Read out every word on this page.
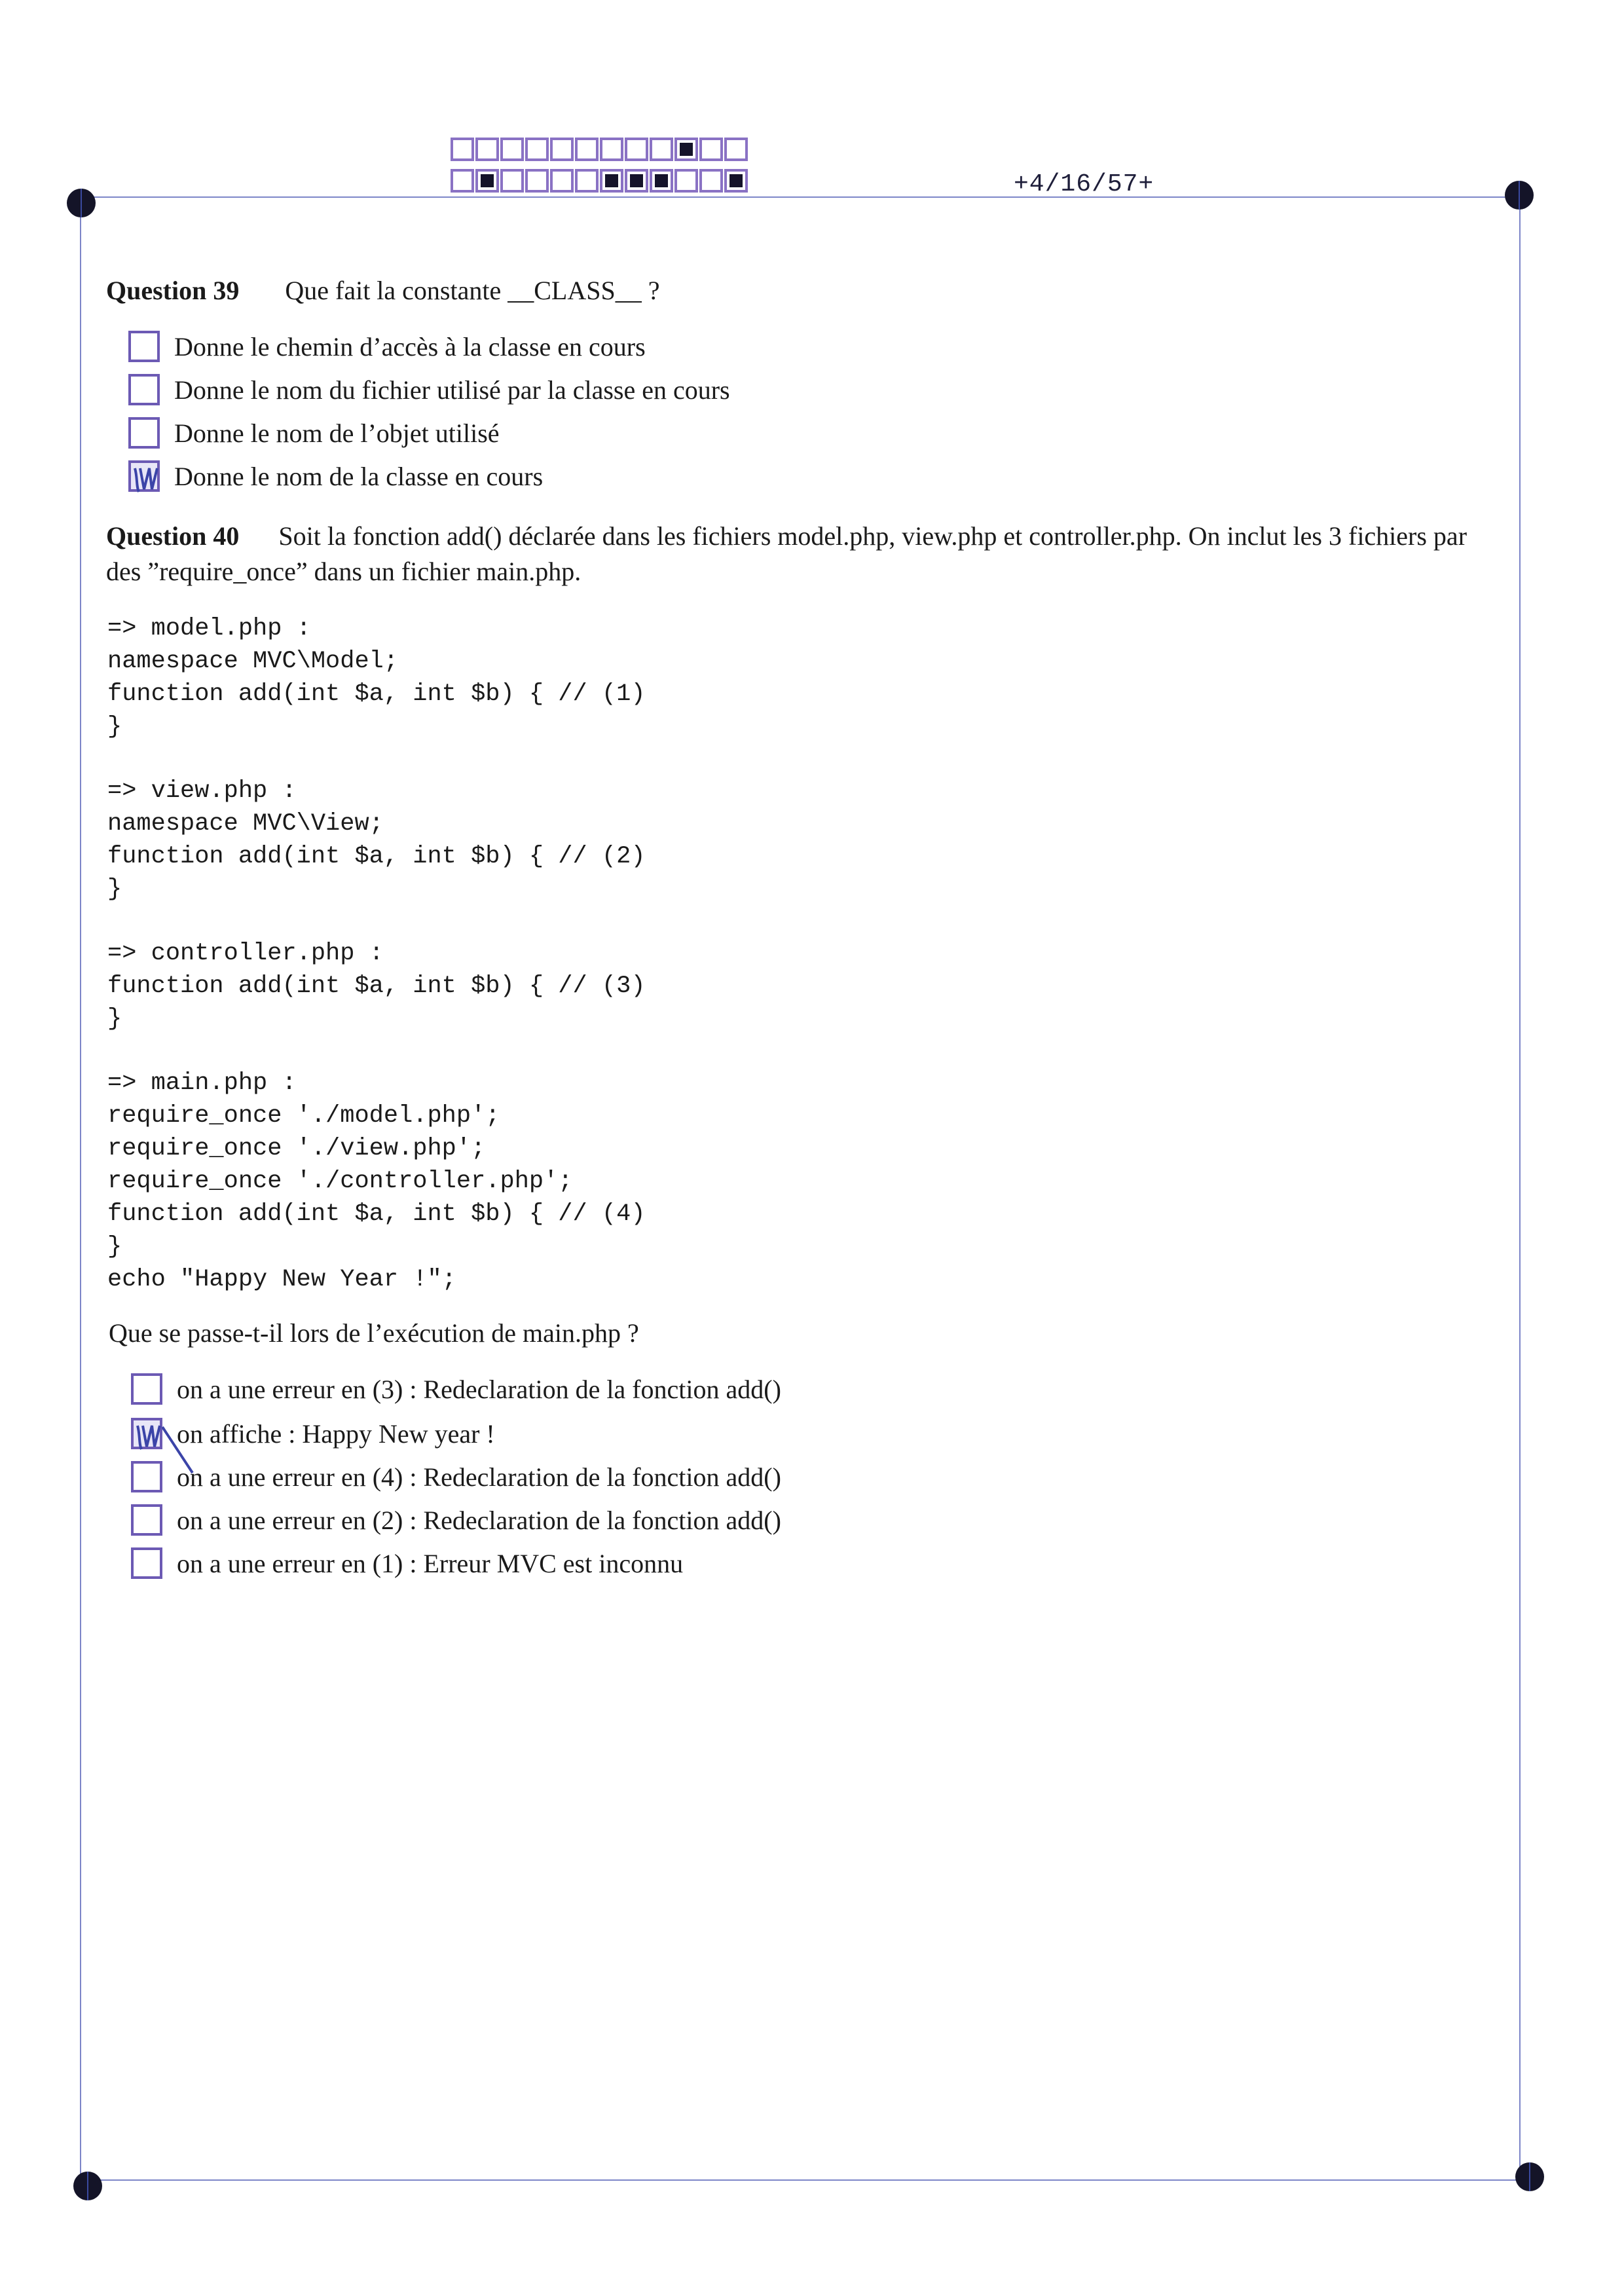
+4/16/57+
Question 39 Que fait la constante __CLASS__ ?
Donne le chemin d’accès à la classe en cours
Donne le nom du fichier utilisé par la classe en cours
Donne le nom de l’objet utilisé
Donne le nom de la classe en cours
Question 40 Soit la fonction add() déclarée dans les fichiers model.php, view.php et controller.php. On inclut les 3 fichiers par des ”require_once” dans un fichier main.php.
=> model.php :
namespace MVC\Model;
function add(int $a, int $b) { // (1)
}
=> view.php :
namespace MVC\View;
function add(int $a, int $b) { // (2)
}
=> controller.php :
function add(int $a, int $b) { // (3)
}
=> main.php :
require_once './model.php';
require_once './view.php';
require_once './controller.php';
function add(int $a, int $b) { // (4)
}
echo "Happy New Year !";
Que se passe-t-il lors de l’exécution de main.php ?
on a une erreur en (3) : Redeclaration de la fonction add()
on affiche : Happy New year !
on a une erreur en (4) : Redeclaration de la fonction add()
on a une erreur en (2) : Redeclaration de la fonction add()
on a une erreur en (1) : Erreur MVC est inconnu
